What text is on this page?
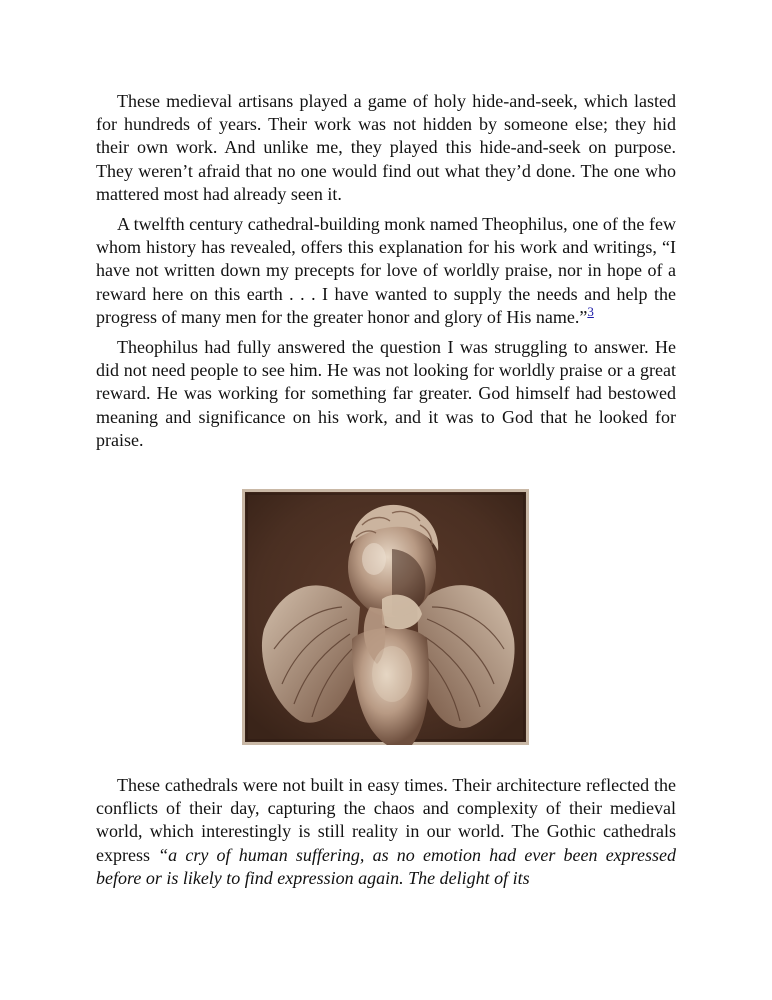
These medieval artisans played a game of holy hide-and-seek, which lasted for hundreds of years. Their work was not hidden by someone else; they hid their own work. And unlike me, they played this hide-and-seek on purpose. They weren’t afraid that no one would find out what they’d done. The one who mattered most had already seen it.

A twelfth century cathedral-building monk named Theophilus, one of the few whom history has revealed, offers this explanation for his work and writings, “I have not written down my precepts for love of worldly praise, nor in hope of a reward here on this earth . . . I have wanted to supply the needs and help the progress of many men for the greater honor and glory of His name.”$^3$

Theophilus had fully answered the question I was struggling to answer. He did not need people to see him. He was not looking for worldly praise or a great reward. He was working for something far greater. God himself had bestowed meaning and significance on his work, and it was to God that he looked for praise.

These cathedrals were not built in easy times. Their architecture reflected the conflicts of their day, capturing the chaos and complexity of their medieval world, which interestingly is still reality in our world. The Gothic cathedrals express “a cry of human suffering, as no emotion had ever been expressed before or is likely to find expression again. The delight of its
